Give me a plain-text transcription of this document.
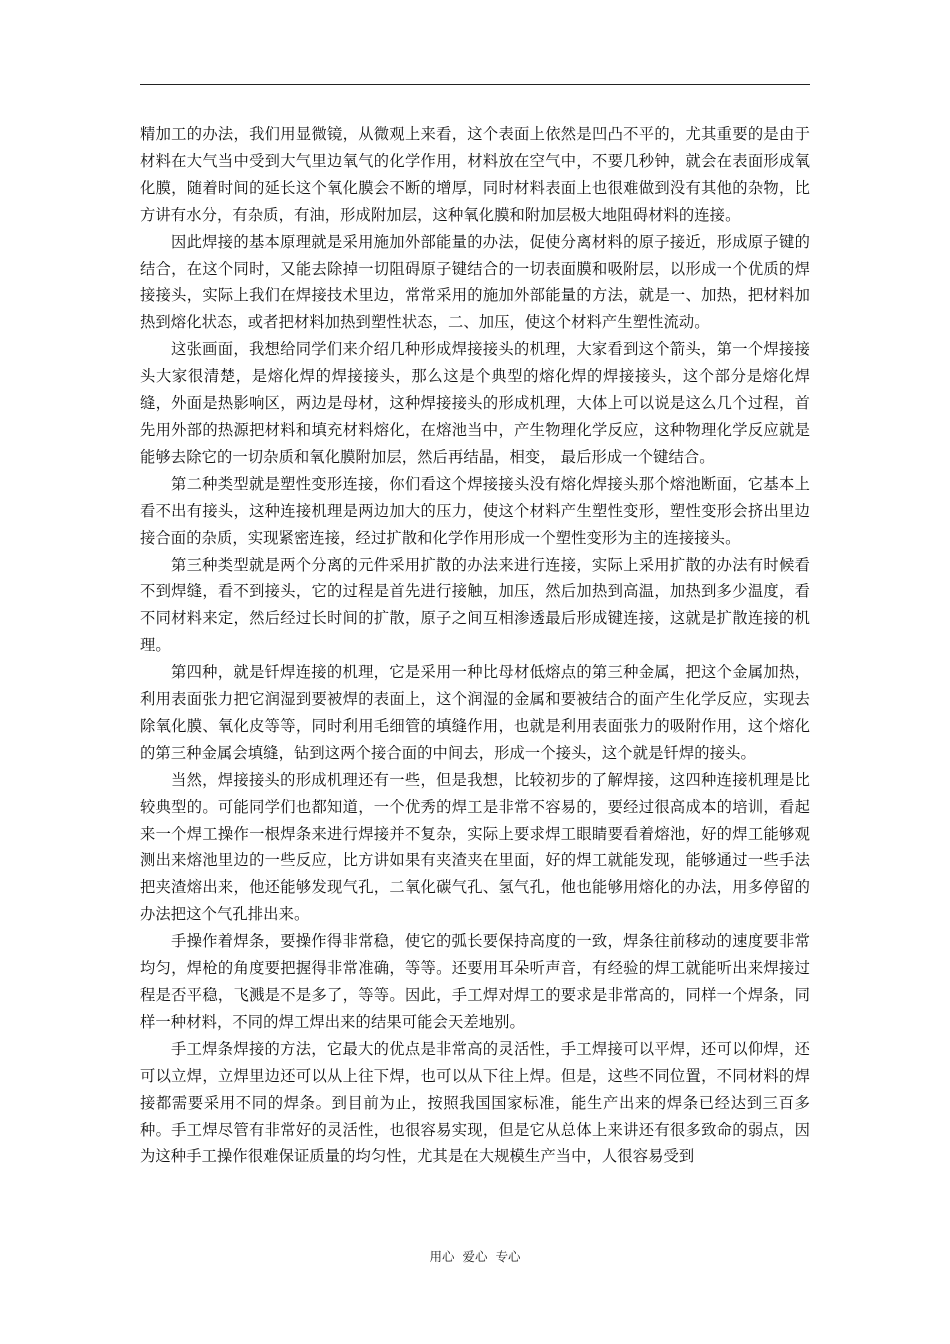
精加工的办法，我们用显微镜，从微观上来看，这个表面上依然是凹凸不平的，尤其重要的是由于材料在大气当中受到大气里边氧气的化学作用，材料放在空气中，不要几秒钟，就会在表面形成氧化膜，随着时间的延长这个氧化膜会不断的增厚，同时材料表面上也很难做到没有其他的杂物，比方讲有水分，有杂质，有油，形成附加层，这种氧化膜和附加层极大地阻碍材料的连接。

因此焊接的基本原理就是采用施加外部能量的办法，促使分离材料的原子接近，形成原子键的结合，在这个同时，又能去除掉一切阻碍原子键结合的一切表面膜和吸附层，以形成一个优质的焊接接头，实际上我们在焊接技术里边，常常采用的施加外部能量的方法，就是一、加热，把材料加热到熔化状态，或者把材料加热到塑性状态，二、加压，使这个材料产生塑性流动。

这张画面，我想给同学们来介绍几种形成焊接接头的机理，大家看到这个箭头，第一个焊接接头大家很清楚，是熔化焊的焊接接头，那么这是个典型的熔化焊的焊接接头，这个部分是熔化焊缝，外面是热影响区，两边是母材，这种焊接接头的形成机理，大体上可以说是这么几个过程，首先用外部的热源把材料和填充材料熔化，在熔池当中，产生物理化学反应，这种物理化学反应就是能够去除它的一切杂质和氧化膜附加层，然后再结晶，相变， 最后形成一个键结合。

第二种类型就是塑性变形连接，你们看这个焊接接头没有熔化焊接头那个熔池断面，它基本上看不出有接头，这种连接机理是两边加大的压力，使这个材料产生塑性变形，塑性变形会挤出里边接合面的杂质，实现紧密连接，经过扩散和化学作用形成一个塑性变形为主的连接接头。

第三种类型就是两个分离的元件采用扩散的办法来进行连接，实际上采用扩散的办法有时候看不到焊缝，看不到接头，它的过程是首先进行接触，加压，然后加热到高温，加热到多少温度，看不同材料来定，然后经过长时间的扩散，原子之间互相渗透最后形成键连接，这就是扩散连接的机理。

第四种，就是钎焊连接的机理，它是采用一种比母材低熔点的第三种金属，把这个金属加热，利用表面张力把它润湿到要被焊的表面上，这个润湿的金属和要被结合的面产生化学反应，实现去除氧化膜、氧化皮等等，同时利用毛细管的填缝作用，也就是利用表面张力的吸附作用，这个熔化的第三种金属会填缝，钻到这两个接合面的中间去，形成一个接头，这个就是钎焊的接头。

当然，焊接接头的形成机理还有一些，但是我想，比较初步的了解焊接，这四种连接机理是比较典型的。可能同学们也都知道，一个优秀的焊工是非常不容易的，要经过很高成本的培训，看起来一个焊工操作一根焊条来进行焊接并不复杂，实际上要求焊工眼睛要看着熔池，好的焊工能够观测出来熔池里边的一些反应，比方讲如果有夹渣夹在里面，好的焊工就能发现，能够通过一些手法把夹渣熔出来，他还能够发现气孔，二氧化碳气孔、氢气孔，他也能够用熔化的办法，用多停留的办法把这个气孔排出来。

手操作着焊条，要操作得非常稳，使它的弧长要保持高度的一致，焊条往前移动的速度要非常均匀，焊枪的角度要把握得非常准确，等等。还要用耳朵听声音，有经验的焊工就能听出来焊接过程是否平稳，飞溅是不是多了，等等。因此，手工焊对焊工的要求是非常高的，同样一个焊条，同样一种材料，不同的焊工焊出来的结果可能会天差地别。

手工焊条焊接的方法，它最大的优点是非常高的灵活性，手工焊接可以平焊，还可以仰焊，还可以立焊，立焊里边还可以从上往下焊，也可以从下往上焊。但是，这些不同位置，不同材料的焊接都需要采用不同的焊条。到目前为止，按照我国国家标准，能生产出来的焊条已经达到三百多种。手工焊尽管有非常好的灵活性，也很容易实现，但是它从总体上来讲还有很多致命的弱点，因为这种手工操作很难保证质量的均匀性，尤其是在大规模生产当中，人很容易受到

用心 爱心 专心
